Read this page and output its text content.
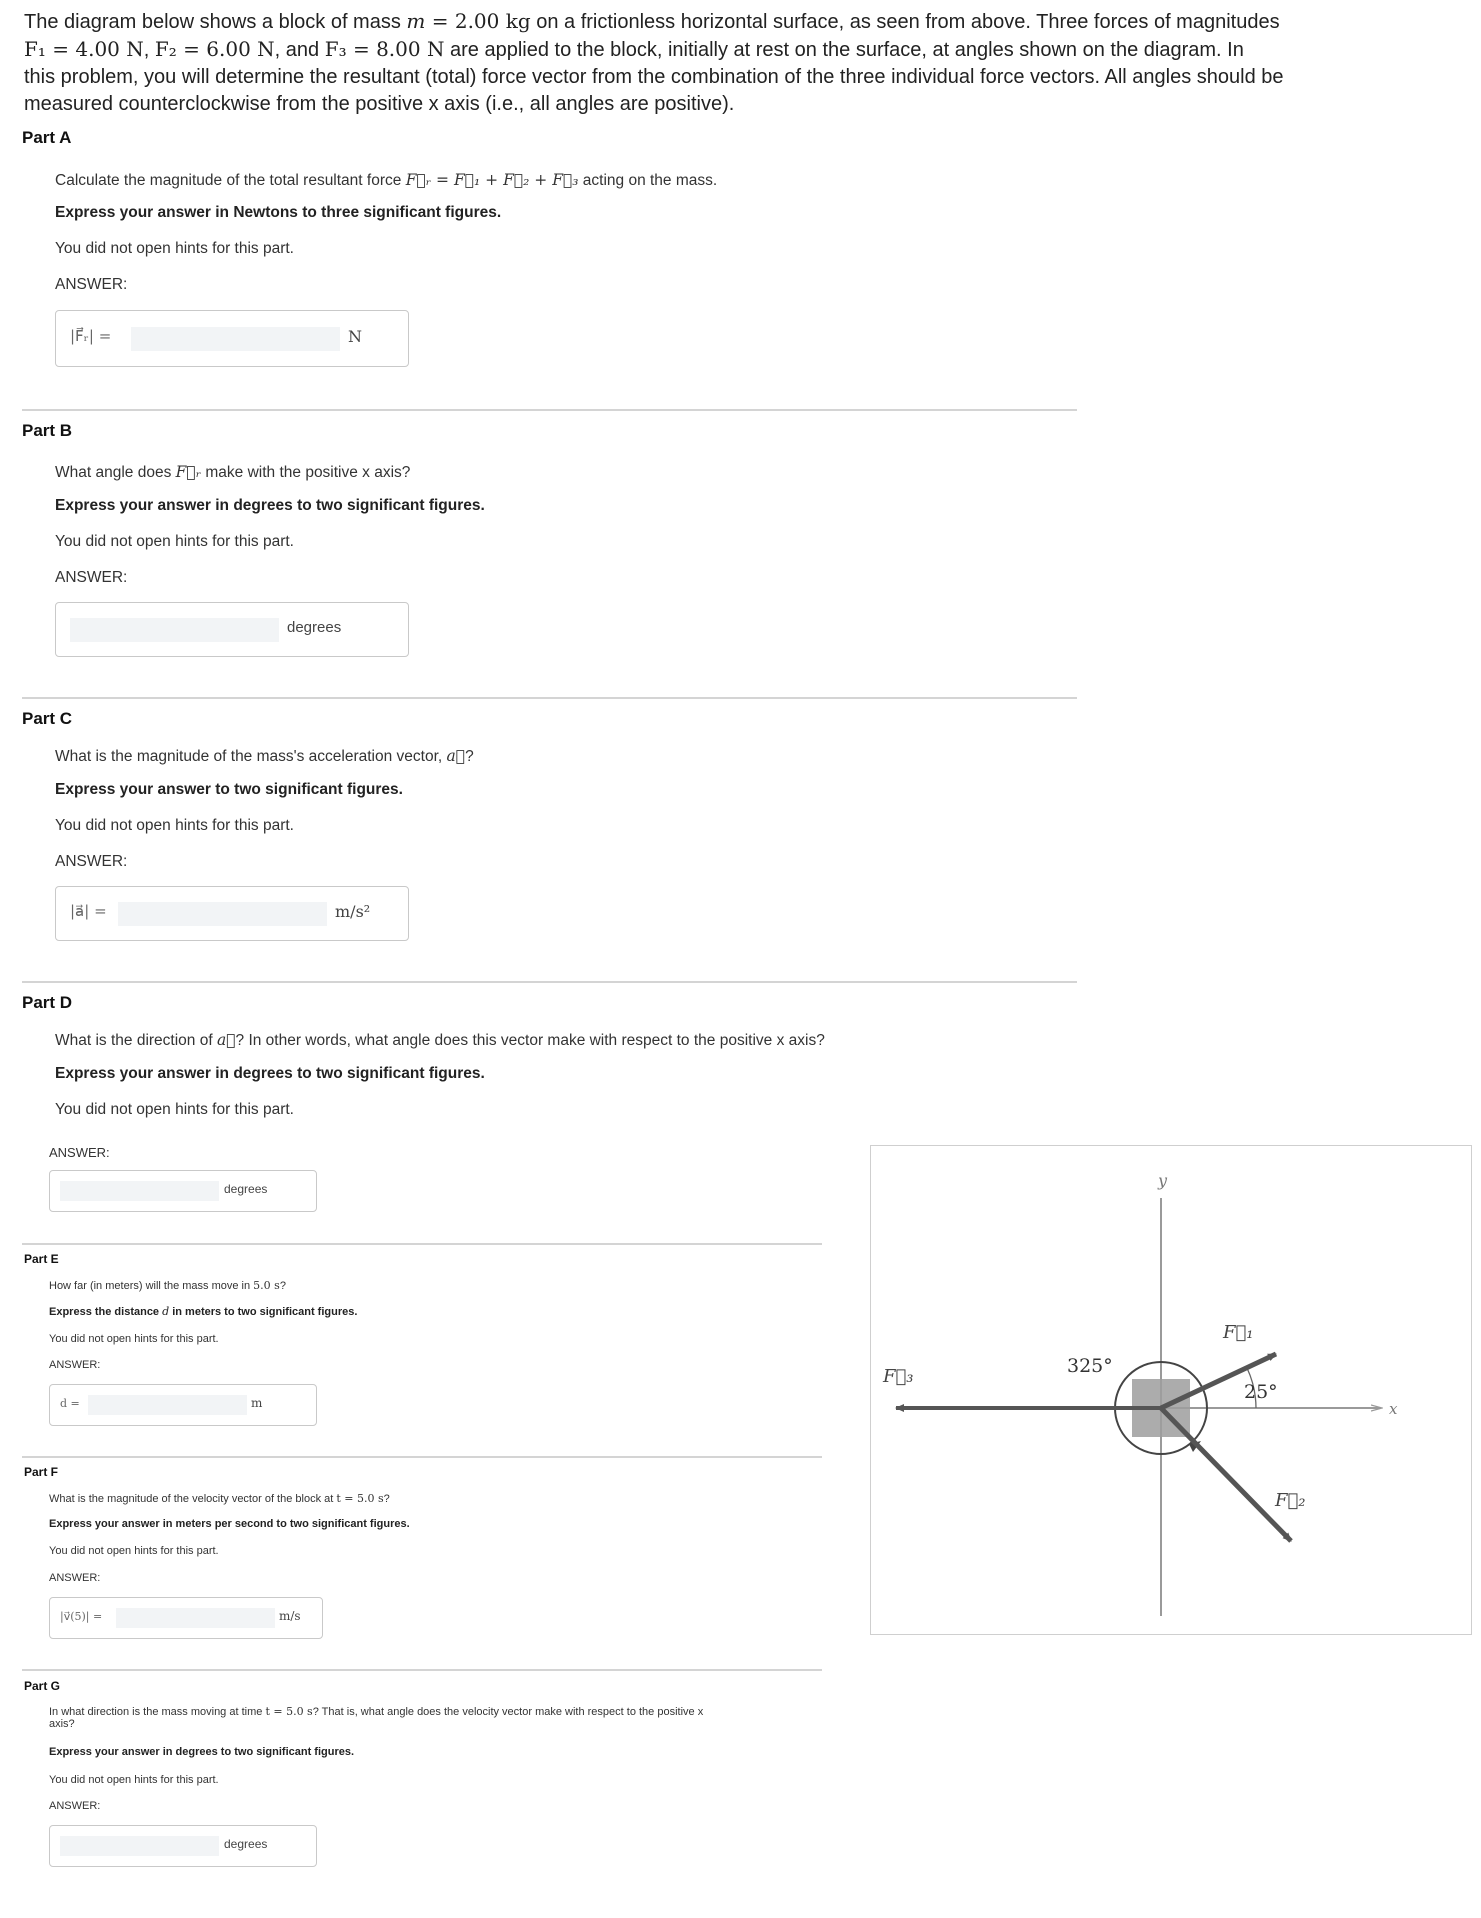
The diagram below shows a block of mass m = 2.00 kg on a frictionless horizontal surface, as seen from above. Three forces of magnitudes
F₁ = 4.00 N, F₂ = 6.00 N, and F₃ = 8.00 N are applied to the block, initially at rest on the surface, at angles shown on the diagram. In
this problem, you will determine the resultant (total) force vector from the combination of the three individual force vectors. All angles should be
measured counterclockwise from the positive x axis (i.e., all angles are positive).
Part A
Calculate the magnitude of the total resultant force F⃗ᵣ = F⃗₁ + F⃗₂ + F⃗₃ acting on the mass.
Express your answer in Newtons to three significant figures.
You did not open hints for this part.
ANSWER:
|F⃗ᵣ| =	N
Part B
What angle does F⃗ᵣ make with the positive x axis?
Express your answer in degrees to two significant figures.
You did not open hints for this part.
ANSWER:
degrees
Part C
What is the magnitude of the mass's acceleration vector, a⃗?
Express your answer to two significant figures.
You did not open hints for this part.
ANSWER:
|a⃗| =	m/s²
Part D
What is the direction of a⃗? In other words, what angle does this vector make with respect to the positive x axis?
Express your answer in degrees to two significant figures.
You did not open hints for this part.
ANSWER:
degrees
Part E
How far (in meters) will the mass move in 5.0 s?
Express the distance d in meters to two significant figures.
You did not open hints for this part.
ANSWER:
d =	m
Part F
What is the magnitude of the velocity vector of the block at t = 5.0 s?
Express your answer in meters per second to two significant figures.
You did not open hints for this part.
ANSWER:
|v⃗(5)| =	m/s
Part G
In what direction is the mass moving at time t = 5.0 s? That is, what angle does the velocity vector make with respect to the positive x
axis?
Express your answer in degrees to two significant figures.
You did not open hints for this part.
ANSWER:
degrees
y
x
F⃗₁
F⃗₂
F⃗₃
25°
325°
